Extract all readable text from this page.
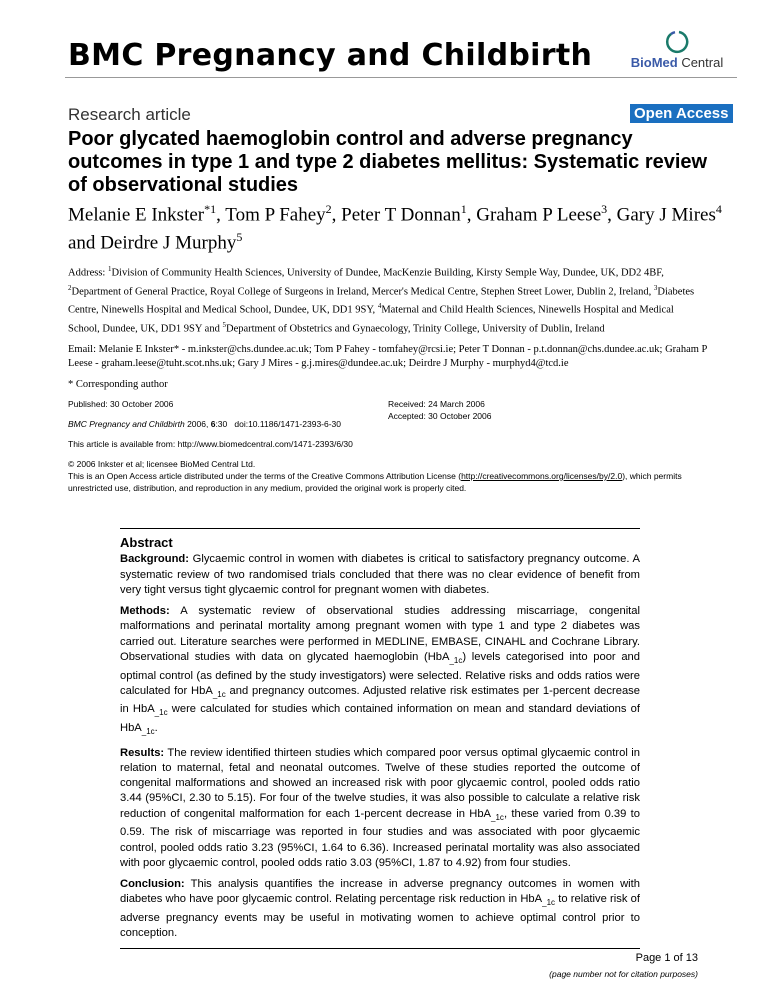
BMC Pregnancy and Childbirth	BioMed Central
Research article	Open Access
Poor glycated haemoglobin control and adverse pregnancy outcomes in type 1 and type 2 diabetes mellitus: Systematic review of observational studies
Melanie E Inkster$^{*1}$, Tom P Fahey$^2$, Peter T Donnan$^1$, Graham P Leese$^3$, Gary J Mires$^4$ and Deirdre J Murphy$^5$

Address: $^1$Division of Community Health Sciences, University of Dundee, MacKenzie Building, Kirsty Semple Way, Dundee, UK, DD2 4BF, $^2$Department of General Practice, Royal College of Surgeons in Ireland, Mercer's Medical Centre, Stephen Street Lower, Dublin 2, Ireland, $^3$Diabetes Centre, Ninewells Hospital and Medical School, Dundee, UK, DD1 9SY, $^4$Maternal and Child Health Sciences, Ninewells Hospital and Medical School, Dundee, UK, DD1 9SY and $^5$Department of Obstetrics and Gynaecology, Trinity College, University of Dublin, Ireland

Email: Melanie E Inkster* - m.inkster@chs.dundee.ac.uk; Tom P Fahey - tomfahey@rcsi.ie; Peter T Donnan - p.t.donnan@chs.dundee.ac.uk; Graham P Leese - graham.leese@tuht.scot.nhs.uk; Gary J Mires - g.j.mires@dundee.ac.uk; Deirdre J Murphy - murphyd4@tcd.ie

* Corresponding author

Published: 30 October 2006	Received: 24 March 2006
Accepted: 30 October 2006
BMC Pregnancy and Childbirth 2006, 6:30 doi:10.1186/1471-2393-6-30
This article is available from: http://www.biomedcentral.com/1471-2393/6/30
© 2006 Inkster et al; licensee BioMed Central Ltd.
This is an Open Access article distributed under the terms of the Creative Commons Attribution License (http://creativecommons.org/licenses/by/2.0), which permits unrestricted use, distribution, and reproduction in any medium, provided the original work is properly cited.
Abstract

Background: Glycaemic control in women with diabetes is critical to satisfactory pregnancy outcome. A systematic review of two randomised trials concluded that there was no clear evidence of benefit from very tight versus tight glycaemic control for pregnant women with diabetes.

Methods: A systematic review of observational studies addressing miscarriage, congenital malformations and perinatal mortality among pregnant women with type 1 and type 2 diabetes was carried out. Literature searches were performed in MEDLINE, EMBASE, CINAHL and Cochrane Library. Observational studies with data on glycated haemoglobin (HbA$_{\_1c}$) levels categorised into poor and optimal control (as defined by the study investigators) were selected. Relative risks and odds ratios were calculated for HbA$_{\_1c}$ and pregnancy outcomes. Adjusted relative risk estimates per 1-percent decrease in HbA$_{\_1c}$ were calculated for studies which contained information on mean and standard deviations of HbA$_{\_1c}$.

Results: The review identified thirteen studies which compared poor versus optimal glycaemic control in relation to maternal, fetal and neonatal outcomes. Twelve of these studies reported the outcome of congenital malformations and showed an increased risk with poor glycaemic control, pooled odds ratio 3.44 (95%CI, 2.30 to 5.15). For four of the twelve studies, it was also possible to calculate a relative risk reduction of congenital malformation for each 1-percent decrease in HbA$_{\_1c}$, these varied from 0.39 to 0.59. The risk of miscarriage was reported in four studies and was associated with poor glycaemic control, pooled odds ratio 3.23 (95%CI, 1.64 to 6.36). Increased perinatal mortality was also associated with poor glycaemic control, pooled odds ratio 3.03 (95%CI, 1.87 to 4.92) from four studies.

Conclusion: This analysis quantifies the increase in adverse pregnancy outcomes in women with diabetes who have poor glycaemic control. Relating percentage risk reduction in HbA$_{\_1c}$ to relative risk of adverse pregnancy events may be useful in motivating women to achieve optimal control prior to conception.

Page 1 of 13
(page number not for citation purposes)
